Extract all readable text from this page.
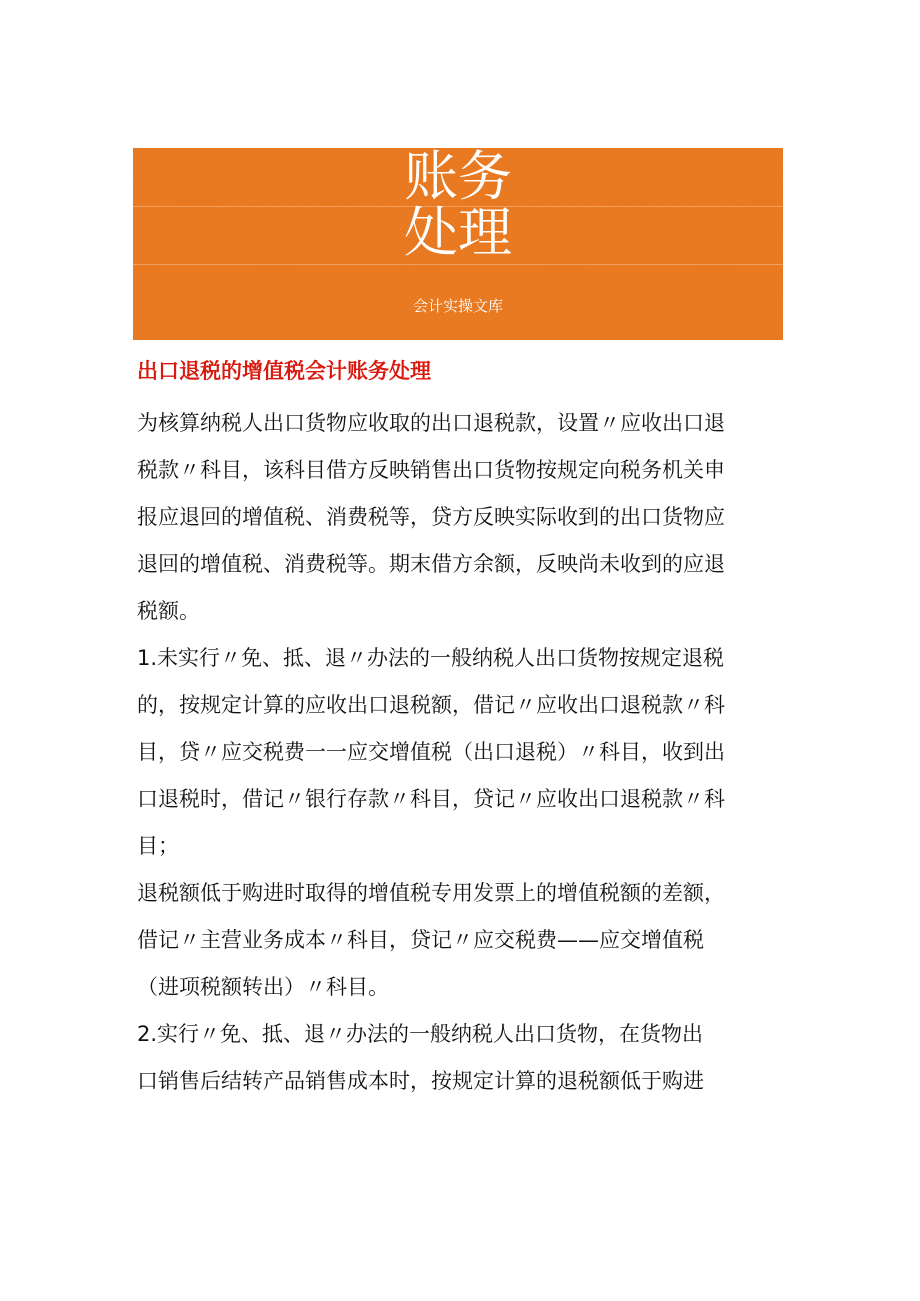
账务
处理
会计实操文库
出口退税的增值税会计账务处理

为核算纳税人出口货物应收取的出口退税款，设置〃应收出口退
税款〃科目，该科目借方反映销售出口货物按规定向税务机关申
报应退回的增值税、消费税等，贷方反映实际收到的出口货物应
退回的增值税、消费税等。期末借方余额，反映尚未收到的应退
税额。

1.未实行〃免、抵、退〃办法的一般纳税人出口货物按规定退税
的，按规定计算的应收出口退税额，借记〃应收出口退税款〃科
目，贷〃应交税费一一应交增值税（出口退税）〃科目，收到出
口退税时，借记〃银行存款〃科目，贷记〃应收出口退税款〃科
目；

退税额低于购进时取得的增值税专用发票上的增值税额的差额，
借记〃主营业务成本〃科目，贷记〃应交税费——应交增值税
（进项税额转出）〃科目。

2.实行〃免、抵、退〃办法的一般纳税人出口货物，在货物出
口销售后结转产品销售成本时，按规定计算的退税额低于购进
